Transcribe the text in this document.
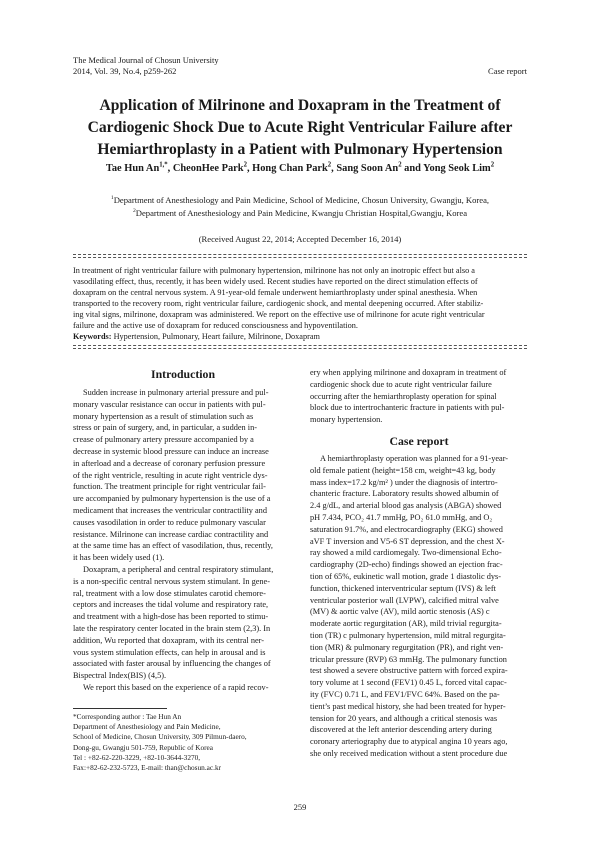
The Medical Journal of Chosun University
2014, Vol. 39, No.4, p259-262	Case report
Application of Milrinone and Doxapram in the Treatment of
Cardiogenic Shock Due to Acute Right Ventricular Failure after
Hemiarthroplasty in a Patient with Pulmonary Hypertension
Tae Hun $An^{1,*}$, CheonHee Park$^2$, Hong Chan Park$^2$, Sang Soon An$^2$ and Yong Seok Lim$^2$
$^1$Department of Anesthesiology and Pain Medicine, School of Medicine, Chosun University, Gwangju, Korea,
$^2$Department of Anesthesiology and Pain Medicine, Kwangju Christian Hospital,Gwangju, Korea
(Received August 22, 2014; Accepted December 16, 2014)
In treatment of right ventricular failure with pulmonary hypertension, milrinone has not only an inotropic effect but also a
vasodilating effect, thus, recently, it has been widely used. Recent studies have reported on the direct stimulation effects of
doxapram on the central nervous system. A 91-year-old female underwent hemiarthroplasty under spinal anesthesia. When
transported to the recovery room, right ventricular failure, cardiogenic shock, and mental deepening occurred. After stabiliz-
ing vital signs, milrinone, doxapram was administered. We report on the effective use of milrinone for acute right ventricular
failure and the active use of doxapram for reduced consciousness and hypoventilation.
Keywords: Hypertension, Pulmonary, Heart failure, Milrinone, Doxapram
Introduction
Sudden increase in pulmonary arterial pressure and pul-
monary vascular resistance can occur in patients with pul-
monary hypertension as a result of stimulation such as
stress or pain of surgery, and, in particular, a sudden in-
crease of pulmonary artery pressure accompanied by a
decrease in systemic blood pressure can induce an increase
in afterload and a decrease of coronary perfusion pressure
of the right ventricle, resulting in acute right ventricle dys-
function. The treatment principle for right ventricular fail-
ure accompanied by pulmonary hypertension is the use of a
medicament that increases the ventricular contractility and
causes vasodilation in order to reduce pulmonary vascular
resistance. Milrinone can increase cardiac contractility and
at the same time has an effect of vasodilation, thus, recently,
it has been widely used (1).
Doxapram, a peripheral and central respiratory stimulant,
is a non-specific central nervous system stimulant. In gene-
ral, treatment with a low dose stimulates carotid chemore-
ceptors and increases the tidal volume and respiratory rate,
and treatment with a high-dose has been reported to stimu-
late the respiratory center located in the brain stem (2,3). In
addition, Wu reported that doxapram, with its central ner-
vous system stimulation effects, can help in arousal and is
associated with faster arousal by influencing the changes of
Bispectral Index(BIS) (4,5).
We report this based on the experience of a rapid recov-
*Corresponding author : Tae Hun An
Department of Anesthesiology and Pain Medicine,
School of Medicine, Chosun University, 309 Pilmun-daero,
Dong-gu, Gwangju 501-759, Republic of Korea
Tel : +82-62-220-3229, +82-10-3644-3270,
Fax:+82-62-232-5723, E-mail: than@chosun.ac.kr
ery when applying milrinone and doxapram in treatment of
cardiogenic shock due to acute right ventricular failure
occurring after the hemiarthroplasty operation for spinal
block due to intertrochanteric fracture in patients with pul-
monary hypertension.
Case report
A hemiarthroplasty operation was planned for a 91-year-
old female patient (height=158 cm, weight=43 kg, body
mass index=17.2 kg/m² ) under the diagnosis of intertro-
chanteric fracture. Laboratory results showed albumin of
2.4 g/dL, and arterial blood gas analysis (ABGA) showed
pH 7.434, PCO₂ 41.7 mmHg, PO₂ 61.0 mmHg, and O₂
saturation 91.7%, and electrocardiography (EKG) showed
aVF T inversion and V5-6 ST depression, and the chest X-
ray showed a mild cardiomegaly. Two-dimensional Echo-
cardiography (2D-echo) findings showed an ejection frac-
tion of 65%, eukinetic wall motion, grade 1 diastolic dys-
function, thickened interventricular septum (IVS) & left
ventricular posterior wall (LVPW), calcified mitral valve
(MV) & aortic valve (AV), mild aortic stenosis (AS) c
moderate aortic regurgitation (AR), mild trivial regurgita-
tion (TR) c pulmonary hypertension, mild mitral regurgita-
tion (MR) & pulmonary regurgitation (PR), and right ven-
tricular pressure (RVP) 63 mmHg. The pulmonary function
test showed a severe obstructive pattern with forced expira-
tory volume at 1 second (FEV1) 0.45 L, forced vital capac-
ity (FVC) 0.71 L, and FEV1/FVC 64%. Based on the pa-
tient’s past medical history, she had been treated for hyper-
tension for 20 years, and although a critical stenosis was
discovered at the left anterior descending artery during
coronary arteriography due to atypical angina 10 years ago,
she only received medication without a stent procedure due
259
